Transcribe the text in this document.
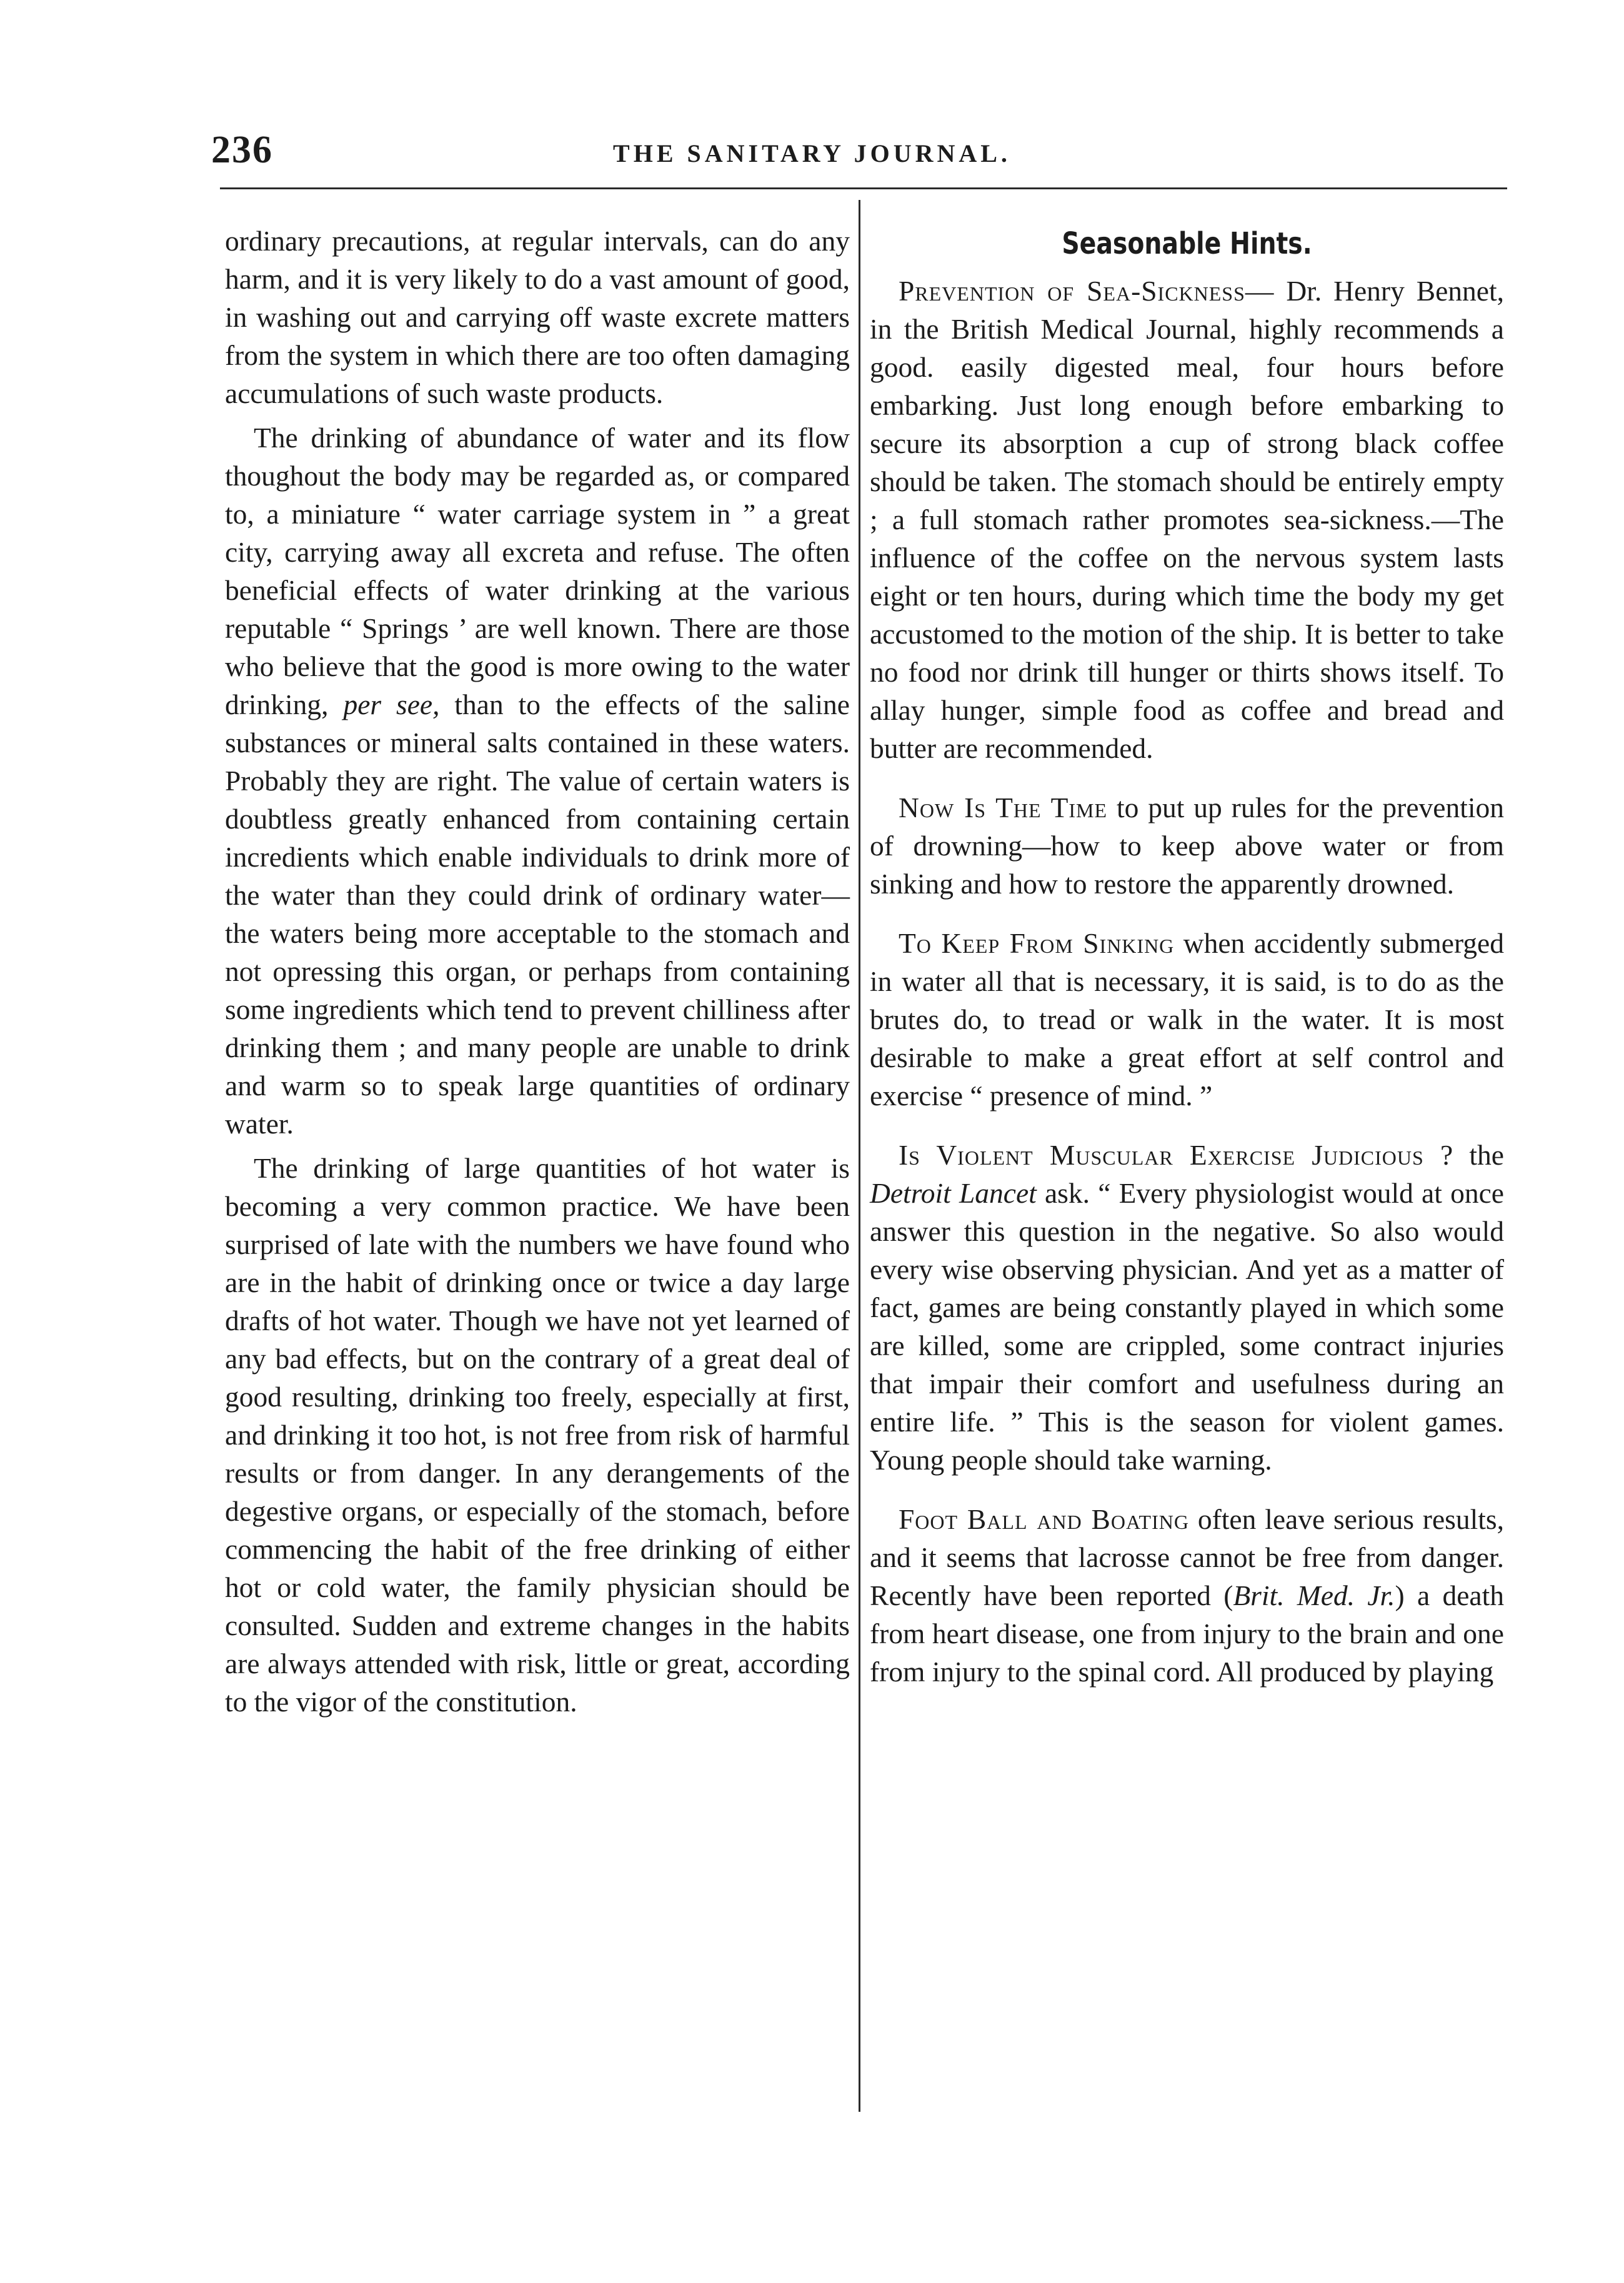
236	THE SANITARY JOURNAL.

ordinary precautions, at regular intervals, can do any harm, and it is very likely to do a vast amount of good, in washing out and carrying off waste excrete matters from the system in which there are too often damaging accumulations of such waste products.

The drinking of abundance of water and its flow thoughout the body may be regarded as, or compared to, a miniature “ water carriage system in ” a great city, carrying away all excreta and refuse. The often beneficial effects of water drinking at the various reputable “ Springs ’ are well known. There are those who believe that the good is more owing to the water drinking, per see, than to the effects of the saline substances or mineral salts contained in these waters. Probably they are right. The value of certain waters is doubtless greatly enhanced from containing certain incredients which enable individuals to drink more of the water than they could drink of ordinary water— the waters being more acceptable to the stomach and not opressing this organ, or perhaps from containing some ingredients which tend to prevent chilliness after drinking them ; and many people are unable to drink and warm so to speak large quantities of ordinary water.

The drinking of large quantities of hot water is becoming a very common practice. We have been surprised of late with the numbers we have found who are in the habit of drinking once or twice a day large drafts of hot water. Though we have not yet learned of any bad effects, but on the contrary of a great deal of good resulting, drinking too freely, especially at first, and drinking it too hot, is not free from risk of harmful results or from danger. In any derangements of the degestive organs, or especially of the stomach, before commencing the habit of the free drinking of either hot or cold water, the family physician should be consulted. Sudden and extreme changes in the habits are always attended with risk, little or great, according to the vigor of the constitution.

Seasonable Hints.

Prevention of Sea-Sickness— Dr. Henry Bennet, in the British Medical Journal, highly recommends a good. easily digested meal, four hours before embarking. Just long enough before embarking to secure its absorption a cup of strong black coffee should be taken. The stomach should be entirely empty ; a full stomach rather promotes sea-sickness.—The influence of the coffee on the nervous system lasts eight or ten hours, during which time the body my get accustomed to the motion of the ship. It is better to take no food nor drink till hunger or thirts shows itself. To allay hunger, simple food as coffee and bread and butter are recommended.

Now Is The Time to put up rules for the prevention of drowning—how to keep above water or from sinking and how to restore the apparently drowned.

To Keep From Sinking when accidently submerged in water all that is necessary, it is said, is to do as the brutes do, to tread or walk in the water. It is most desirable to make a great effort at self control and exercise “ presence of mind. ”

Is Violent Muscular Exercise Judicious ? the Detroit Lancet ask. “ Every physiologist would at once answer this question in the negative. So also would every wise observing physician. And yet as a matter of fact, games are being constantly played in which some are killed, some are crippled, some contract injuries that impair their comfort and usefulness during an entire life. ” This is the season for violent games. Young people should take warning.

Foot Ball and Boating often leave serious results, and it seems that lacrosse cannot be free from danger. Recently have been reported (Brit. Med. Jr.) a death from heart disease, one from injury to the brain and one from injury to the spinal cord. All produced by playing
